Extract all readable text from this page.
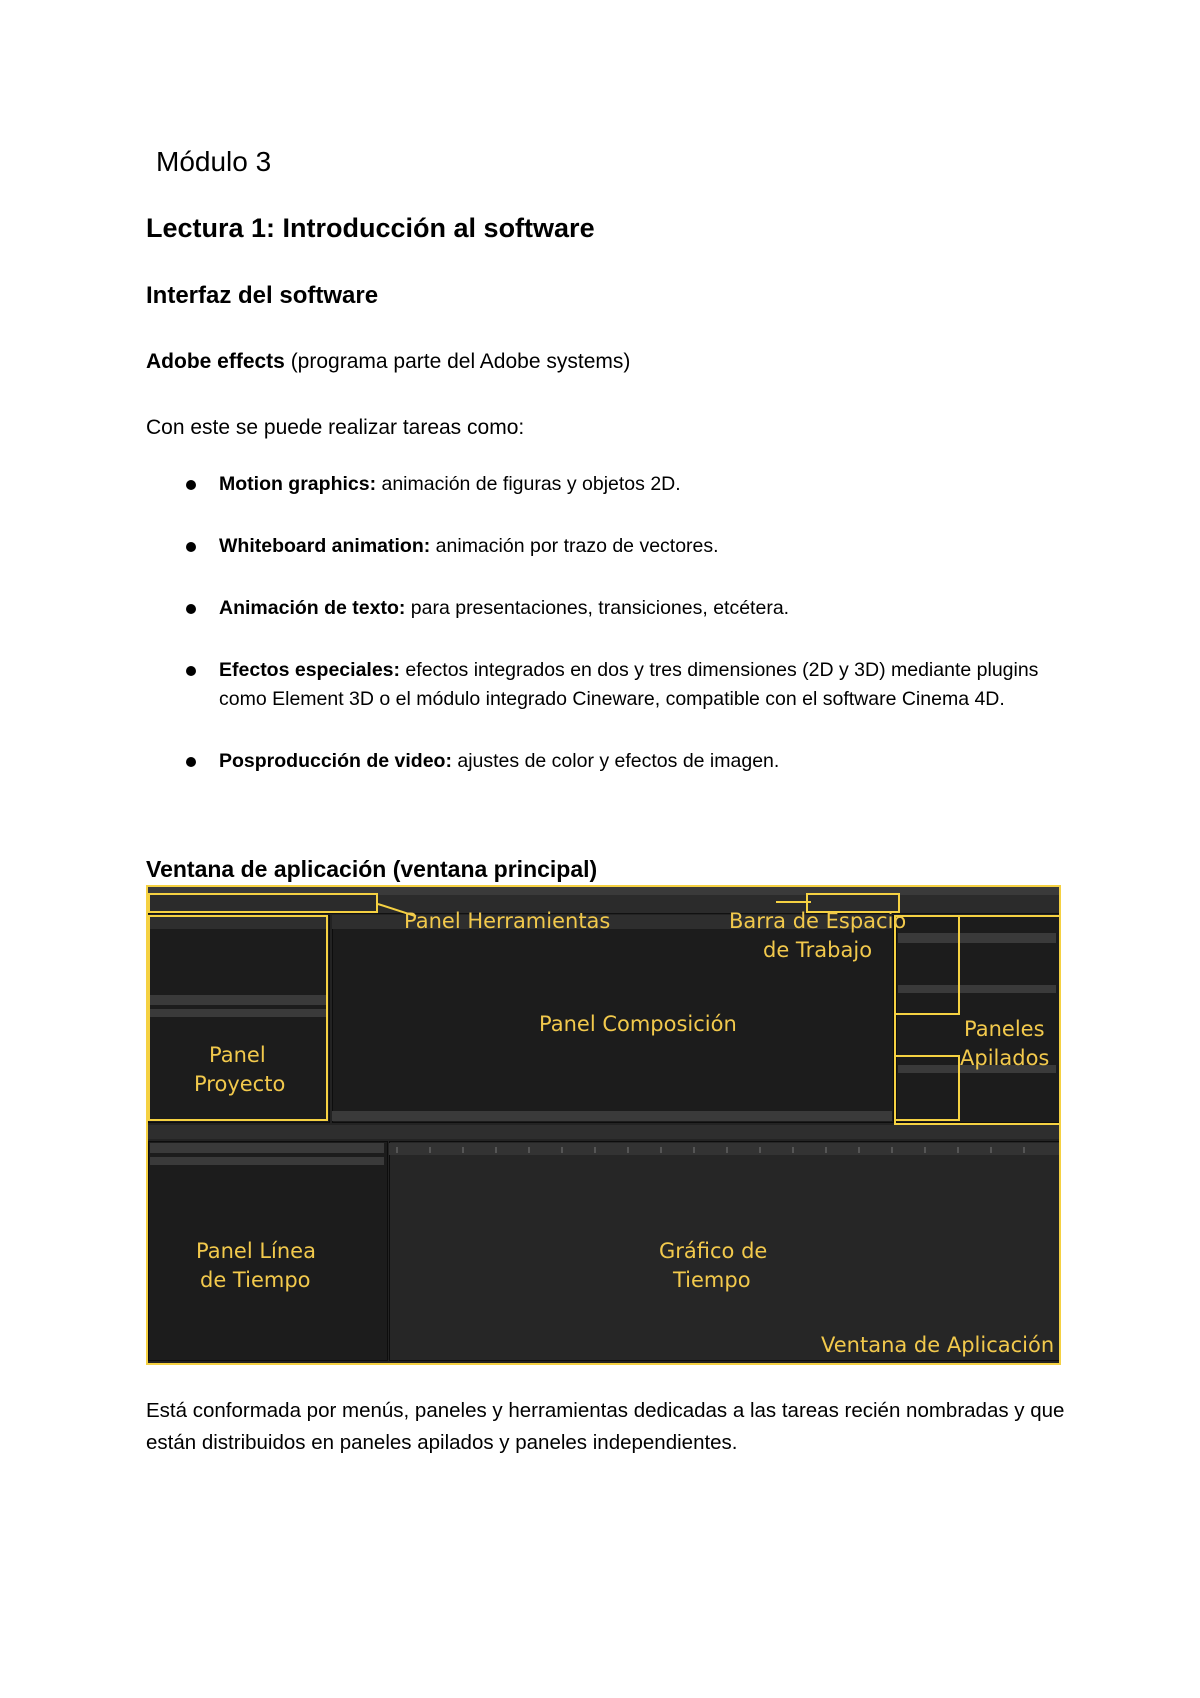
Módulo 3
Lectura 1: Introducción al software
Interfaz del software

Adobe effects (programa parte del Adobe systems)

Con este se puede realizar tareas como:

Motion graphics: animación de figuras y objetos 2D.
Whiteboard animation: animación por trazo de vectores.
Animación de texto: para presentaciones, transiciones, etcétera.
Efectos especiales: efectos integrados en dos y tres dimensiones (2D y 3D) mediante plugins como Element 3D o el módulo integrado Cineware, compatible con el software Cinema 4D.
Posproducción de video: ajustes de color y efectos de imagen.
Ventana de aplicación (ventana principal)

Está conformada por menús, paneles y herramientas dedicadas a las tareas recién nombradas y que están distribuidos en paneles apilados y paneles independientes.

Panel Herramientas	Barra de Espacio
de Trabajo
Panel Composición
Panel
Proyecto
Paneles
Apilados
Panel Línea
de Tiempo
Gráfico de
Tiempo
Ventana de Aplicación
